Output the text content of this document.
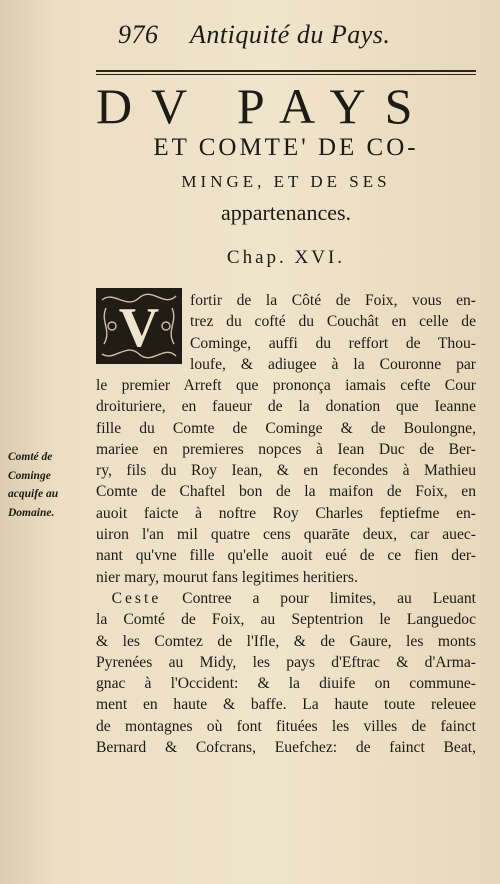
976 Antiquité du Pays.
DV PAYS
ET COMTE' DE CO-
MINGE, ET DE SES
appartenances.
Chap. XVI.
V fortir de la Côté de Foix, vous en-
trez du cofté du Couchât en celle de
Cominge, auffi du reffort de Thou-
loufe, & adiugee à la Couronne par
le premier Arreft que prononça iamais cefte Cour
droituriere, en faueur de la donation que Ieanne
fille du Comte de Cominge & de Boulongne,
mariee en premieres nopces à Iean Duc de Ber-
ry, fils du Roy Iean, & en fecondes à Mathieu
Comte de Chaftel bon de la maifon de Foix, en
auoit faicte à noftre Roy Charles feptiefme en-
uiron l'an mil quatre cens quarāte deux, car auec-
nant qu'vne fille qu'elle auoit eué de ce fien der-
nier mary, mourut fans legitimes heritiers.
  Ceste Contree a pour limites, au Leuant
la Comté de Foix, au Septentrion le Languedoc
& les Comtez de l'Ifle, & de Gaure, les monts
Pyrenées au Midy, les pays d'Eftrac & d'Arma-
gnac à l'Occident: & la diuife on commune-
ment en haute & baffe. La haute toute releuee
de montagnes où font fituées les villes de fainct
Bernard & Cofcrans, Euefchez: de fainct Beat,
Comté de
Cominge
acquife au
Domaine.
